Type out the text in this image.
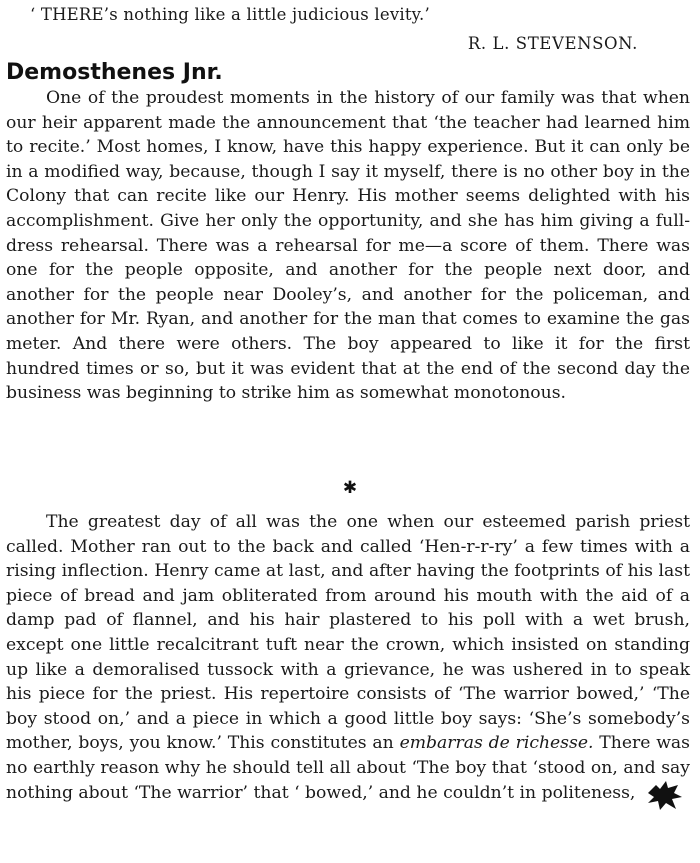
‘ THERE’s nothing like a little judicious levity.’
R. L. STEVENSON.
Demosthenes Jnr.

One of the proudest moments in the history of our family was that when our heir apparent made the announcement that ‘the teacher had learned him to recite.’ Most homes, I know, have this happy experience. But it can only be in a modified way, because, though I say it myself, there is no other boy in the Colony that can recite like our Henry. His mother seems delighted with his accomplishment. Give her only the opportunity, and she has him giving a full-dress rehearsal. There was a rehearsal for me—a score of them. There was one for the people opposite, and another for the people next door, and another for the people near Dooley’s, and another for the policeman, and another for Mr. Ryan, and another for the man that comes to examine the gas meter. And there were others. The boy appeared to like it for the first hundred times or so, but it was evident that at the end of the second day the business was beginning to strike him as somewhat monotonous.

✱

The greatest day of all was the one when our esteemed parish priest called. Mother ran out to the back and called ‘Hen-r-r-ry’ a few times with a rising inflection. Henry came at last, and after having the footprints of his last piece of bread and jam obliterated from around his mouth with the aid of a damp pad of flannel, and his hair plastered to his poll with a wet brush, except one little recalcitrant tuft near the crown, which insisted on standing up like a demoralised tussock with a grievance, he was ushered in to speak his piece for the priest. His repertoire consists of ‘The warrior bowed,’ ‘The boy stood on,’ and a piece in which a good little boy says: ‘She’s somebody’s mother, boys, you know.’ This constitutes an embarras de richesse. There was no earthly reason why he should tell all about ‘The boy that ‘stood on, and say nothing about ‘The warrior’ that ‘ bowed,’ and he couldn’t in politeness,
